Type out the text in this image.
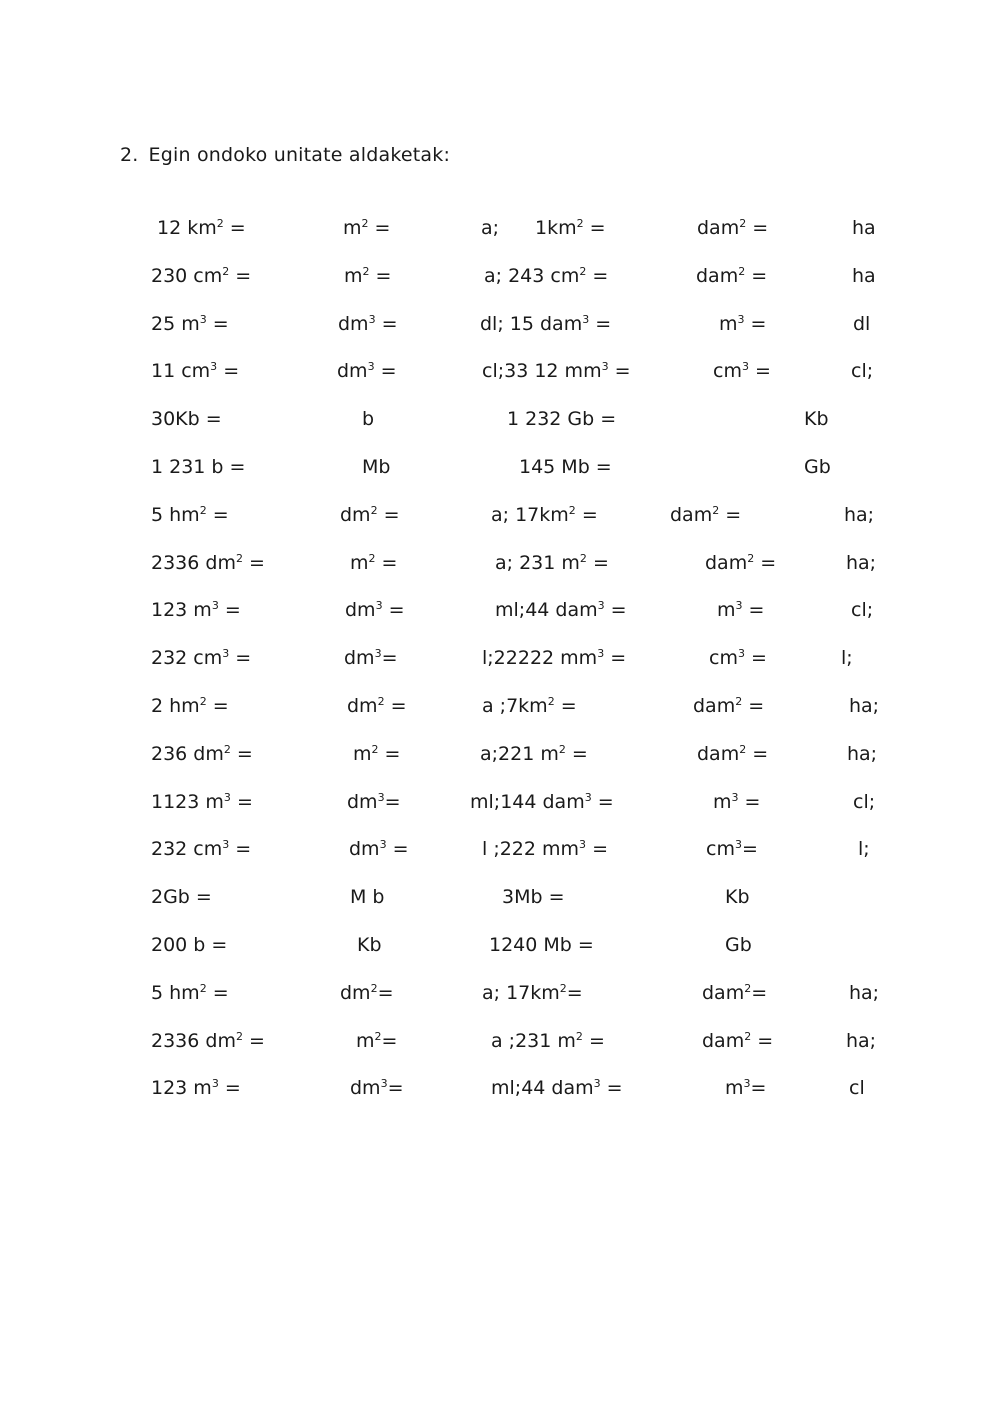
2. Egin ondoko unitate aldaketak:
12 $km^2$ =	$m^2$ =	a; $1km^2$ =	dam$^2$ =	ha
230 $cm^2$ =	$m^2$ =	a; 243 $cm^2$ =	dam$^2$ =	ha
25 $m^3$ =	$dm^3$ =	dl; 15 dam$^3$ =	$m^3$ =	dl
11 $cm^3$ =	$dm^3$ =	cl;33 12 $mm^3$ =	$cm^3$ =	cl;
30Kb =	b	1 232 Gb =	Kb
1 231 b =	Mb	145 Mb =	Gb
5 $hm^2$ =	$dm^2$ =	a; $17km^2$ =	dam$^2$ =	ha;
2336 $dm^2$ =	$m^2$ =	a; 231 $m^2$ =	dam$^2$ =	ha;
123 $m^3$ =	$dm^3$ =	ml;44 dam$^3$ =	$m^3$ =	cl;
232 $cm^3$ =	$dm^3=$	l;22222 $mm^3$ =	$cm^3$ =	l;
2 $hm^2$ =	$dm^2$ =	a $;7km^2$ =	dam$^2$ =	ha;
236 $dm^2$ =	$m^2$ =	a;221 $m^2$ =	dam$^2$ =	ha;
1123 $m^3$ =	$dm^3=$	ml;144 dam$^3$ =	$m^3$ =	cl;
232 $cm^3$ =	$dm^3$ =	l ;222 $mm^3$ =	$cm^3=$	l;
2Gb =	M b	3Mb =	Kb
200 b =	Kb	1240 Mb =	Gb
5 $hm^2$ =	$dm^2=$	a; $17km^2=$	dam$^2$=	ha;
2336 $dm^2$ =	$m^2=$	a ;231 $m^2$ =	dam$^2$ =	ha;
123 $m^3$ =	$dm^3=$	ml;44 dam$^3$ =	$m^3=$	cl
